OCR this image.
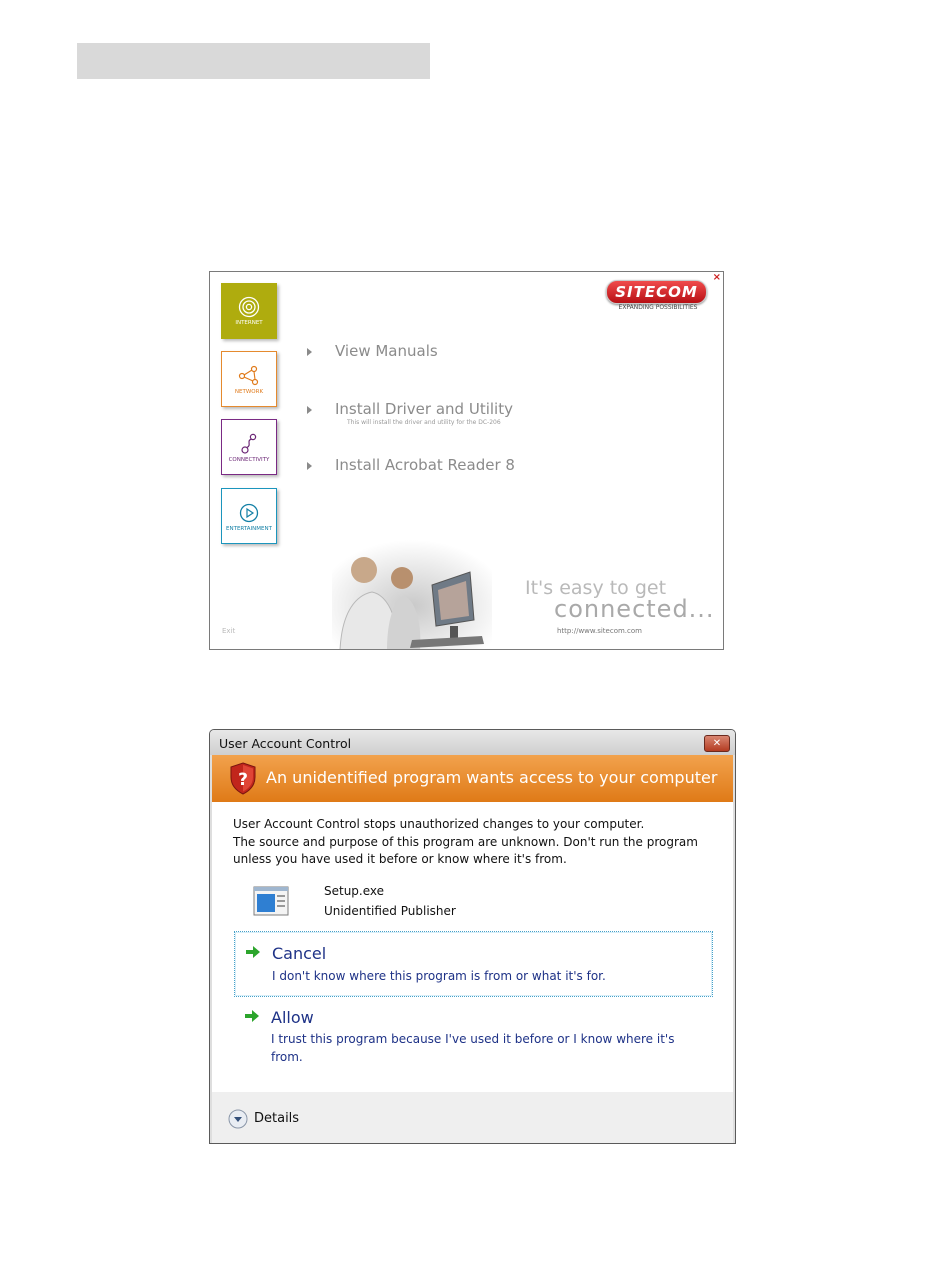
×
SITECOM
EXPANDING POSSIBILITIES
INTERNET
NETWORK
CONNECTIVITY
ENTERTAINMENT
View Manuals
Install Driver and Utility
This will install the driver and utility for the DC-206
Install Acrobat Reader 8
It's easy to get
connected...
http://www.sitecom.com
Exit
User Account Control	✕
? An unidentified program wants access to your computer
User Account Control stops unauthorized changes to your computer.
The source and purpose of this program are unknown. Don't run the program unless you have used it before or know where it's from.
Setup.exe
Unidentified Publisher
Cancel
I don't know where this program is from or what it's for.
Allow
I trust this program because I've used it before or I know where it's from.
Details
